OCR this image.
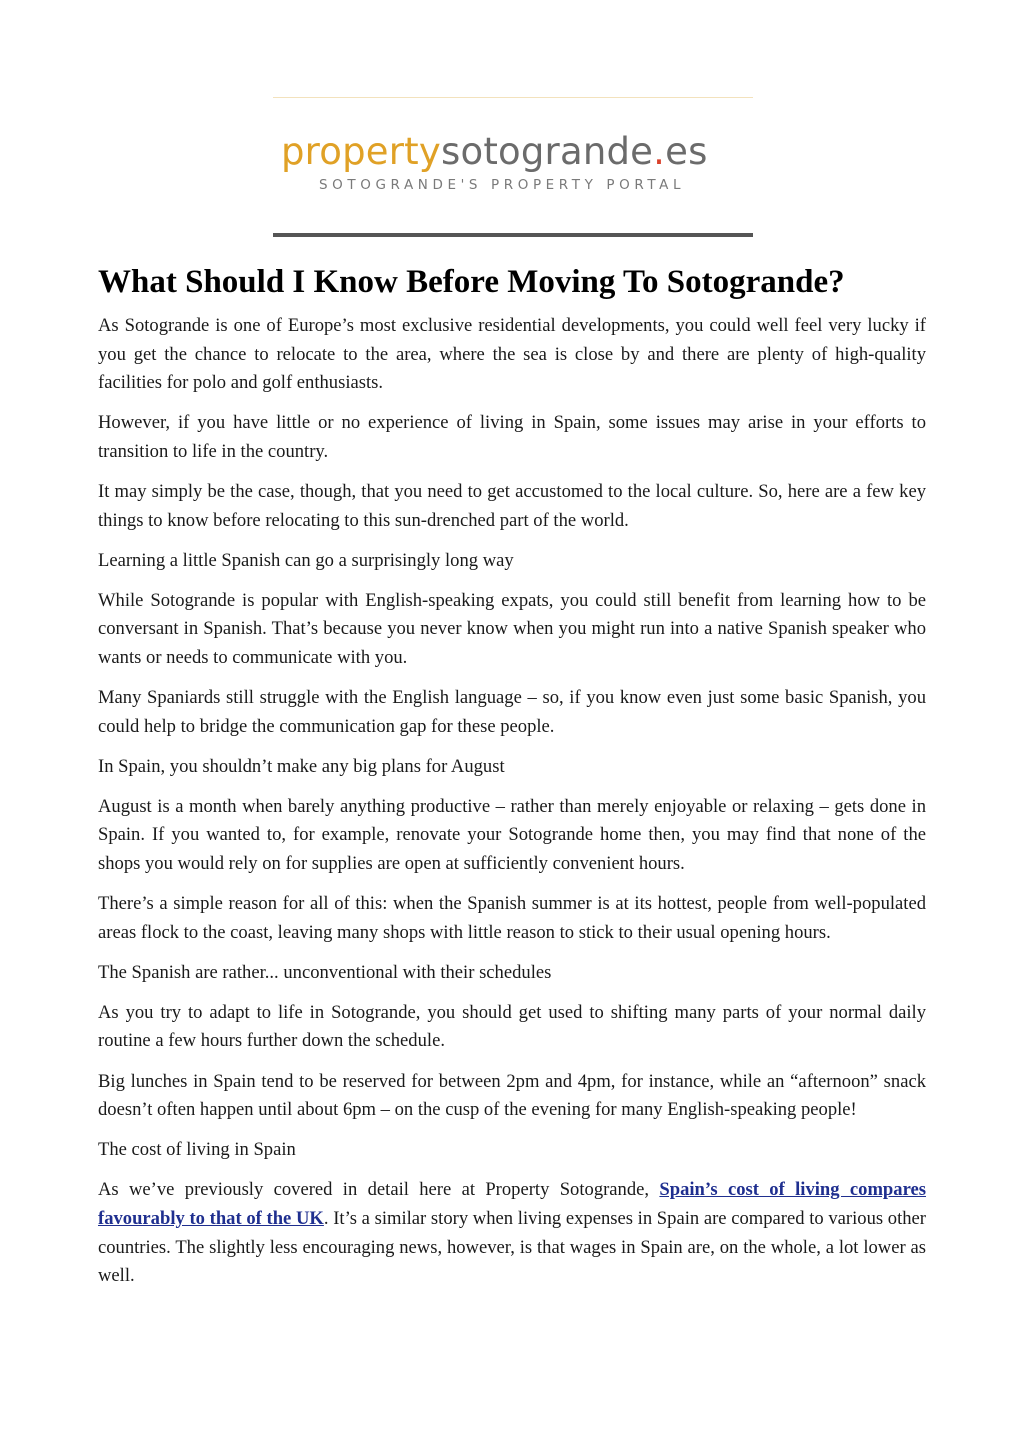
propertysotogrande.es
SOTOGRANDE'S PROPERTY PORTAL
What Should I Know Before Moving To Sotogrande?

As Sotogrande is one of Europe’s most exclusive residential developments, you could well feel very lucky if you get the chance to relocate to the area, where the sea is close by and there are plenty of high-quality facilities for polo and golf enthusiasts.

However, if you have little or no experience of living in Spain, some issues may arise in your efforts to transition to life in the country.

It may simply be the case, though, that you need to get accustomed to the local culture. So, here are a few key things to know before relocating to this sun-drenched part of the world.

Learning a little Spanish can go a surprisingly long way

While Sotogrande is popular with English-speaking expats, you could still benefit from learning how to be conversant in Spanish. That’s because you never know when you might run into a native Spanish speaker who wants or needs to communicate with you.

Many Spaniards still struggle with the English language – so, if you know even just some basic Spanish, you could help to bridge the communication gap for these people.

In Spain, you shouldn’t make any big plans for August

August is a month when barely anything productive – rather than merely enjoyable or relaxing – gets done in Spain. If you wanted to, for example, renovate your Sotogrande home then, you may find that none of the shops you would rely on for supplies are open at sufficiently convenient hours.

There’s a simple reason for all of this: when the Spanish summer is at its hottest, people from well-populated areas flock to the coast, leaving many shops with little reason to stick to their usual opening hours.

The Spanish are rather... unconventional with their schedules

As you try to adapt to life in Sotogrande, you should get used to shifting many parts of your normal daily routine a few hours further down the schedule.

Big lunches in Spain tend to be reserved for between 2pm and 4pm, for instance, while an “afternoon” snack doesn’t often happen until about 6pm – on the cusp of the evening for many English-speaking people!

The cost of living in Spain

As we’ve previously covered in detail here at Property Sotogrande, Spain’s cost of living compares favourably to that of the UK. It’s a similar story when living expenses in Spain are compared to various other countries. The slightly less encouraging news, however, is that wages in Spain are, on the whole, a lot lower as well.
